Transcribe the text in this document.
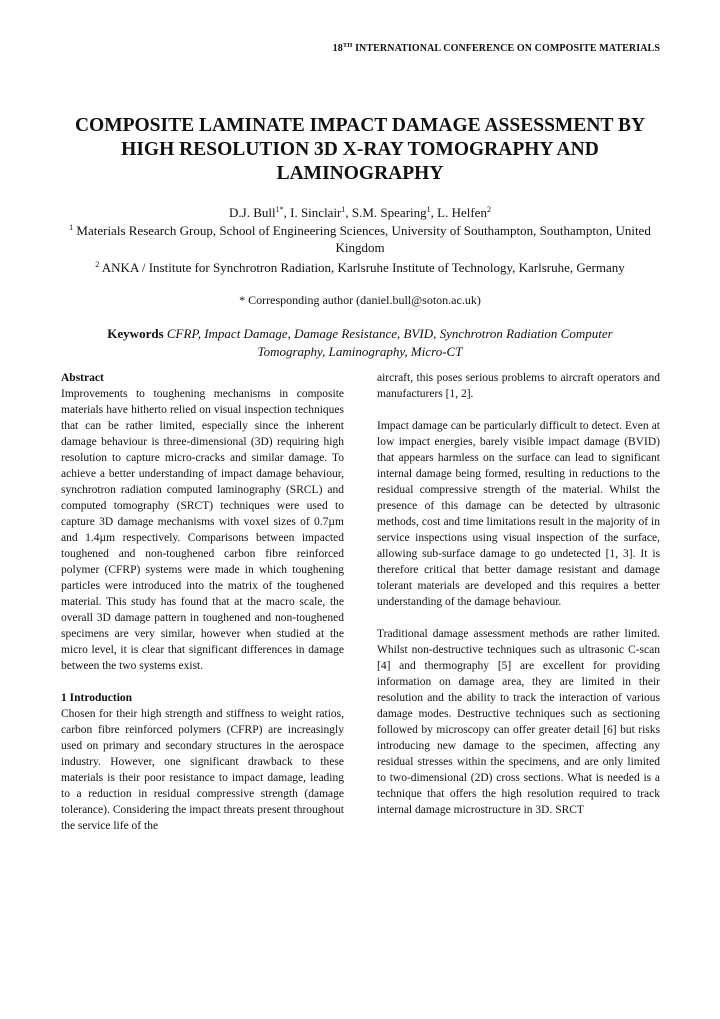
18TH INTERNATIONAL CONFERENCE ON COMPOSITE MATERIALS
COMPOSITE LAMINATE IMPACT DAMAGE ASSESSMENT BY HIGH RESOLUTION 3D X-RAY TOMOGRAPHY AND LAMINOGRAPHY
D.J. Bull$^{1*}$, I. Sinclair$^1$, S.M. Spearing$^1$, L. Helfen$^2$
$^1$ Materials Research Group, School of Engineering Sciences, University of Southampton, Southampton, United Kingdom
$^2$ ANKA / Institute for Synchrotron Radiation, Karlsruhe Institute of Technology, Karlsruhe, Germany
* Corresponding author (daniel.bull@soton.ac.uk)
Keywords CFRP, Impact Damage, Damage Resistance, BVID, Synchrotron Radiation Computer Tomography, Laminography, Micro-CT
Abstract

Improvements to toughening mechanisms in composite materials have hitherto relied on visual inspection techniques that can be rather limited, especially since the inherent damage behaviour is three-dimensional (3D) requiring high resolution to capture micro-cracks and similar damage. To achieve a better understanding of impact damage behaviour, synchrotron radiation computed laminography (SRCL) and computed tomography (SRCT) techniques were used to capture 3D damage mechanisms with voxel sizes of 0.7µm and 1.4µm respectively. Comparisons between impacted toughened and non-toughened carbon fibre reinforced polymer (CFRP) systems were made in which toughening particles were introduced into the matrix of the toughened material. This study has found that at the macro scale, the overall 3D damage pattern in toughened and non-toughened specimens are very similar, however when studied at the micro level, it is clear that significant differences in damage between the two systems exist.

1 Introduction

Chosen for their high strength and stiffness to weight ratios, carbon fibre reinforced polymers (CFRP) are increasingly used on primary and secondary structures in the aerospace industry. However, one significant drawback to these materials is their poor resistance to impact damage, leading to a reduction in residual compressive strength (damage tolerance). Considering the impact threats present throughout the service life of the

aircraft, this poses serious problems to aircraft operators and manufacturers [1, 2].

Impact damage can be particularly difficult to detect. Even at low impact energies, barely visible impact damage (BVID) that appears harmless on the surface can lead to significant internal damage being formed, resulting in reductions to the residual compressive strength of the material. Whilst the presence of this damage can be detected by ultrasonic methods, cost and time limitations result in the majority of in service inspections using visual inspection of the surface, allowing sub-surface damage to go undetected [1, 3]. It is therefore critical that better damage resistant and damage tolerant materials are developed and this requires a better understanding of the damage behaviour.

Traditional damage assessment methods are rather limited. Whilst non-destructive techniques such as ultrasonic C-scan [4] and thermography [5] are excellent for providing information on damage area, they are limited in their resolution and the ability to track the interaction of various damage modes. Destructive techniques such as sectioning followed by microscopy can offer greater detail [6] but risks introducing new damage to the specimen, affecting any residual stresses within the specimens, and are only limited to two-dimensional (2D) cross sections. What is needed is a technique that offers the high resolution required to track internal damage microstructure in 3D. SRCT
